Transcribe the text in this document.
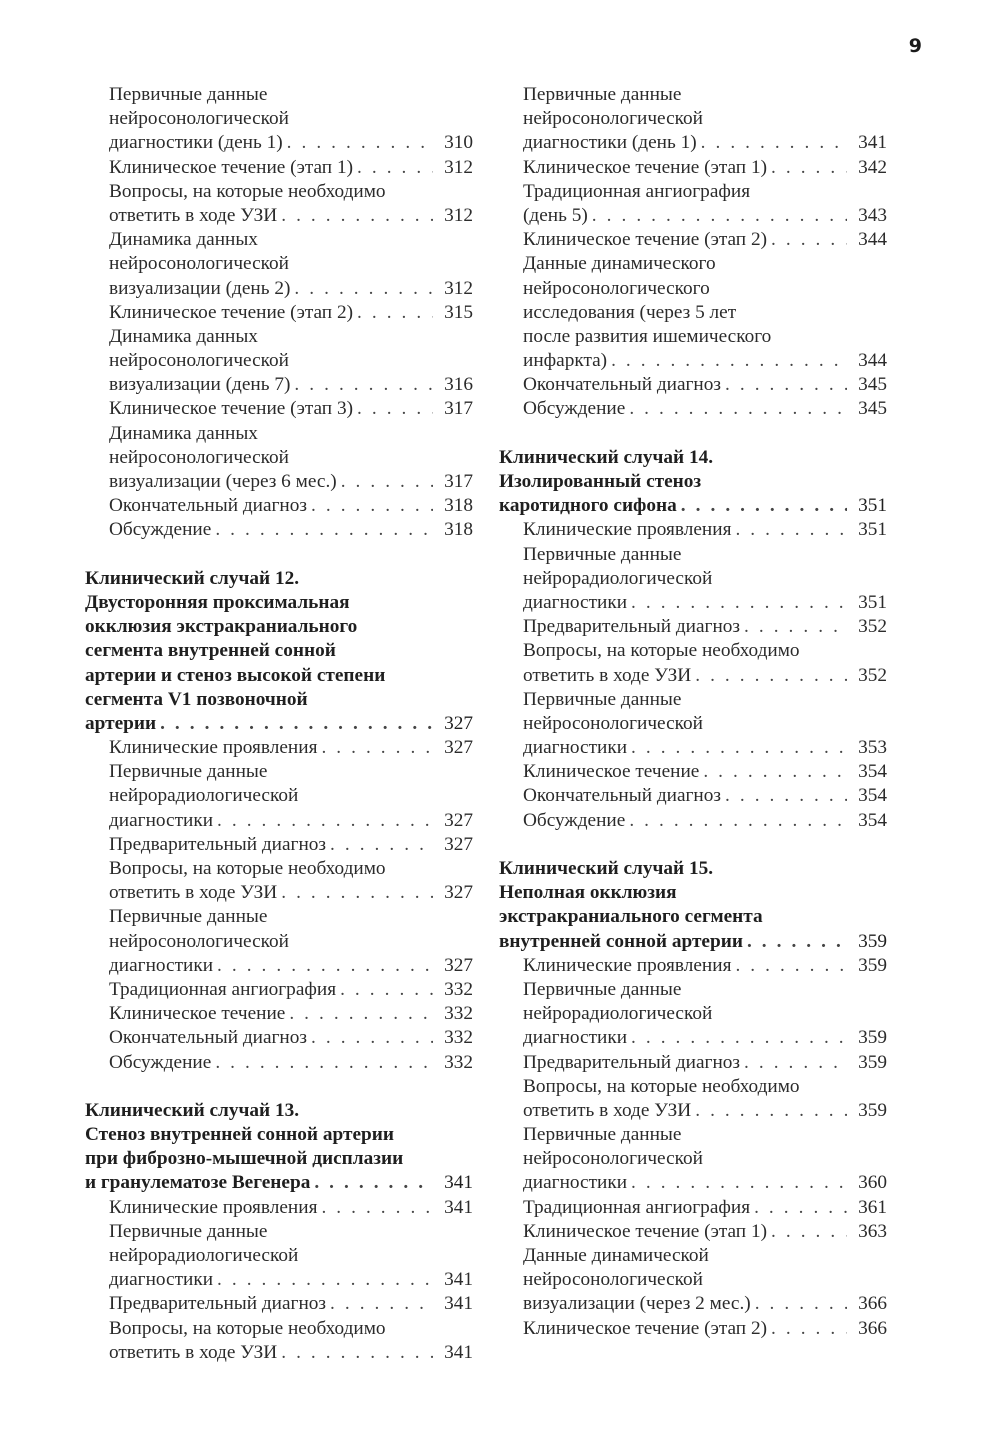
9
Первичные данные
нейросонологической
диагностики (день 1) . . .	310
Клиническое течение (этап 1) . . .	312
Вопросы, на которые необходимо
ответить в ходе УЗИ . . .	312
Динамика данных
нейросонологической
визуализации (день 2) . . .	312
Клиническое течение (этап 2) . . .	315
Динамика данных
нейросонологической
визуализации (день 7) . . .	316
Клиническое течение (этап 3) . . .	317
Динамика данных
нейросонологической
визуализации (через 6 мес.) . . .	317
Окончательный диагноз . . .	318
Обсуждение . . .	318
Клинический случай 12.
Двусторонняя проксимальная
окклюзия экстракраниального
сегмента внутренней сонной
артерии и стеноз высокой степени
сегмента V1 позвоночной
артерии . . .	327
Клинические проявления . . .	327
Первичные данные
нейрорадиологической
диагностики . . .	327
Предварительный диагноз . . .	327
Вопросы, на которые необходимо
ответить в ходе УЗИ . . .	327
Первичные данные
нейросонологической
диагностики . . .	327
Традиционная ангиография . . .	332
Клиническое течение . . .	332
Окончательный диагноз . . .	332
Обсуждение . . .	332
Клинический случай 13.
Стеноз внутренней сонной артерии
при фиброзно-мышечной дисплазии
и гранулематозе Вегенера . . .	341
Клинические проявления . . .	341
Первичные данные
нейрорадиологической
диагностики . . .	341
Предварительный диагноз . . .	341
Вопросы, на которые необходимо
ответить в ходе УЗИ . . .	341
Первичные данные
нейросонологической
диагностики (день 1) . . .	341
Клиническое течение (этап 1) . . .	342
Традиционная ангиография
(день 5) . . .	343
Клиническое течение (этап 2) . . .	344
Данные динамического
нейросонологического
исследования (через 5 лет
после развития ишемического
инфаркта) . . .	344
Окончательный диагноз . . .	345
Обсуждение . . .	345
Клинический случай 14.
Изолированный стеноз
каротидного сифона . . .	351
Клинические проявления . . .	351
Первичные данные
нейрорадиологической
диагностики . . .	351
Предварительный диагноз . . .	352
Вопросы, на которые необходимо
ответить в ходе УЗИ . . .	352
Первичные данные
нейросонологической
диагностики . . .	353
Клиническое течение . . .	354
Окончательный диагноз . . .	354
Обсуждение . . .	354
Клинический случай 15.
Неполная окклюзия
экстракраниального сегмента
внутренней сонной артерии . . .	359
Клинические проявления . . .	359
Первичные данные
нейрорадиологической
диагностики . . .	359
Предварительный диагноз . . .	359
Вопросы, на которые необходимо
ответить в ходе УЗИ . . .	359
Первичные данные
нейросонологической
диагностики . . .	360
Традиционная ангиография . . .	361
Клиническое течение (этап 1) . . .	363
Данные динамической
нейросонологической
визуализации (через 2 мес.) . . .	366
Клиническое течение (этап 2) . . .	366
